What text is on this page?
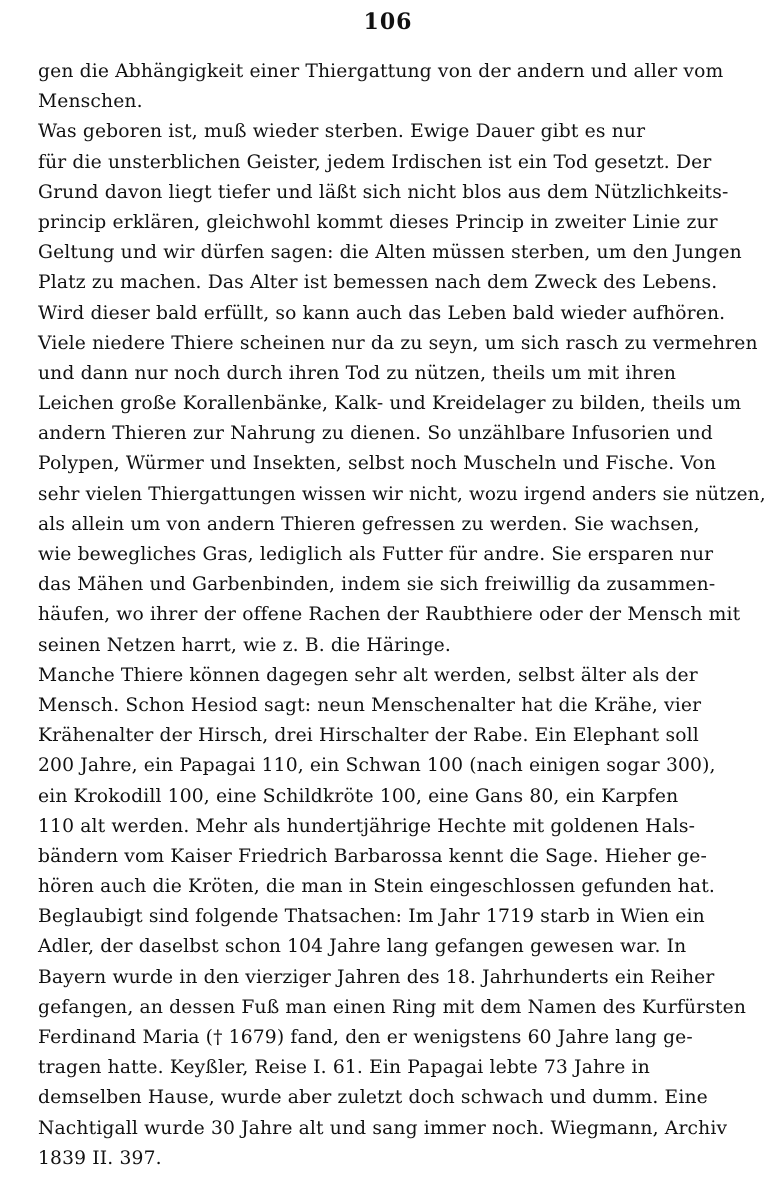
106
gen die Abhängigkeit einer Thiergattung von der andern und aller vom
Menschen.
Was geboren ist, muß wieder sterben. Ewige Dauer gibt es nur
für die unsterblichen Geister, jedem Irdischen ist ein Tod gesetzt. Der
Grund davon liegt tiefer und läßt sich nicht blos aus dem Nützlichkeits-
princip erklären, gleichwohl kommt dieses Princip in zweiter Linie zur
Geltung und wir dürfen sagen: die Alten müssen sterben, um den Jungen
Platz zu machen. Das Alter ist bemessen nach dem Zweck des Lebens.
Wird dieser bald erfüllt, so kann auch das Leben bald wieder aufhören.
Viele niedere Thiere scheinen nur da zu seyn, um sich rasch zu vermehren
und dann nur noch durch ihren Tod zu nützen, theils um mit ihren
Leichen große Korallenbänke, Kalk- und Kreidelager zu bilden, theils um
andern Thieren zur Nahrung zu dienen. So unzählbare Infusorien und
Polypen, Würmer und Insekten, selbst noch Muscheln und Fische. Von
sehr vielen Thiergattungen wissen wir nicht, wozu irgend anders sie nützen,
als allein um von andern Thieren gefressen zu werden. Sie wachsen,
wie bewegliches Gras, lediglich als Futter für andre. Sie ersparen nur
das Mähen und Garbenbinden, indem sie sich freiwillig da zusammen-
häufen, wo ihrer der offene Rachen der Raubthiere oder der Mensch mit
seinen Netzen harrt, wie z. B. die Häringe.
Manche Thiere können dagegen sehr alt werden, selbst älter als der
Mensch. Schon Hesiod sagt: neun Menschenalter hat die Krähe, vier
Krähenalter der Hirsch, drei Hirschalter der Rabe. Ein Elephant soll
200 Jahre, ein Papagai 110, ein Schwan 100 (nach einigen sogar 300),
ein Krokodill 100, eine Schildkröte 100, eine Gans 80, ein Karpfen
110 alt werden. Mehr als hundertjährige Hechte mit goldenen Hals-
bändern vom Kaiser Friedrich Barbarossa kennt die Sage. Hieher ge-
hören auch die Kröten, die man in Stein eingeschlossen gefunden hat.
Beglaubigt sind folgende Thatsachen: Im Jahr 1719 starb in Wien ein
Adler, der daselbst schon 104 Jahre lang gefangen gewesen war. In
Bayern wurde in den vierziger Jahren des 18. Jahrhunderts ein Reiher
gefangen, an dessen Fuß man einen Ring mit dem Namen des Kurfürsten
Ferdinand Maria († 1679) fand, den er wenigstens 60 Jahre lang ge-
tragen hatte. Keyßler, Reise I. 61. Ein Papagai lebte 73 Jahre in
demselben Hause, wurde aber zuletzt doch schwach und dumm. Eine
Nachtigall wurde 30 Jahre alt und sang immer noch. Wiegmann, Archiv
1839 II. 397.
